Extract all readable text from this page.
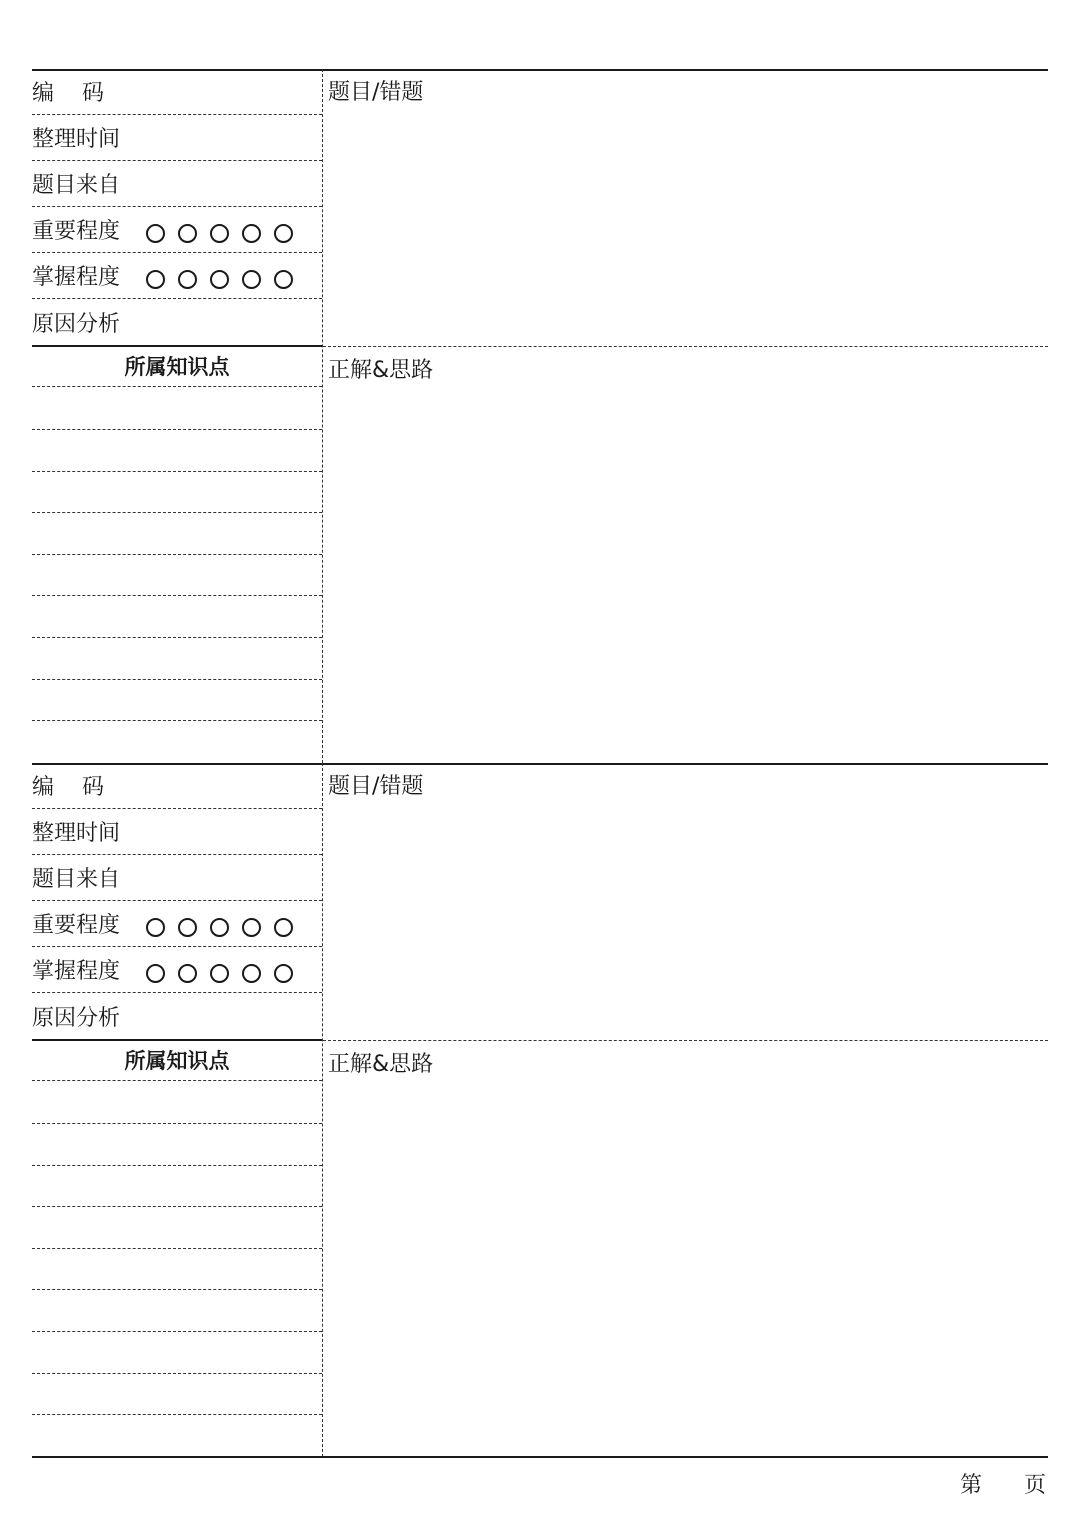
编    码
整理时间
题目来自
重要程度
掌握程度
原因分析
所属知识点
题目/错题
正解&思路
编    码
整理时间
题目来自
重要程度
掌握程度
原因分析
所属知识点
题目/错题
正解&思路
第      页
